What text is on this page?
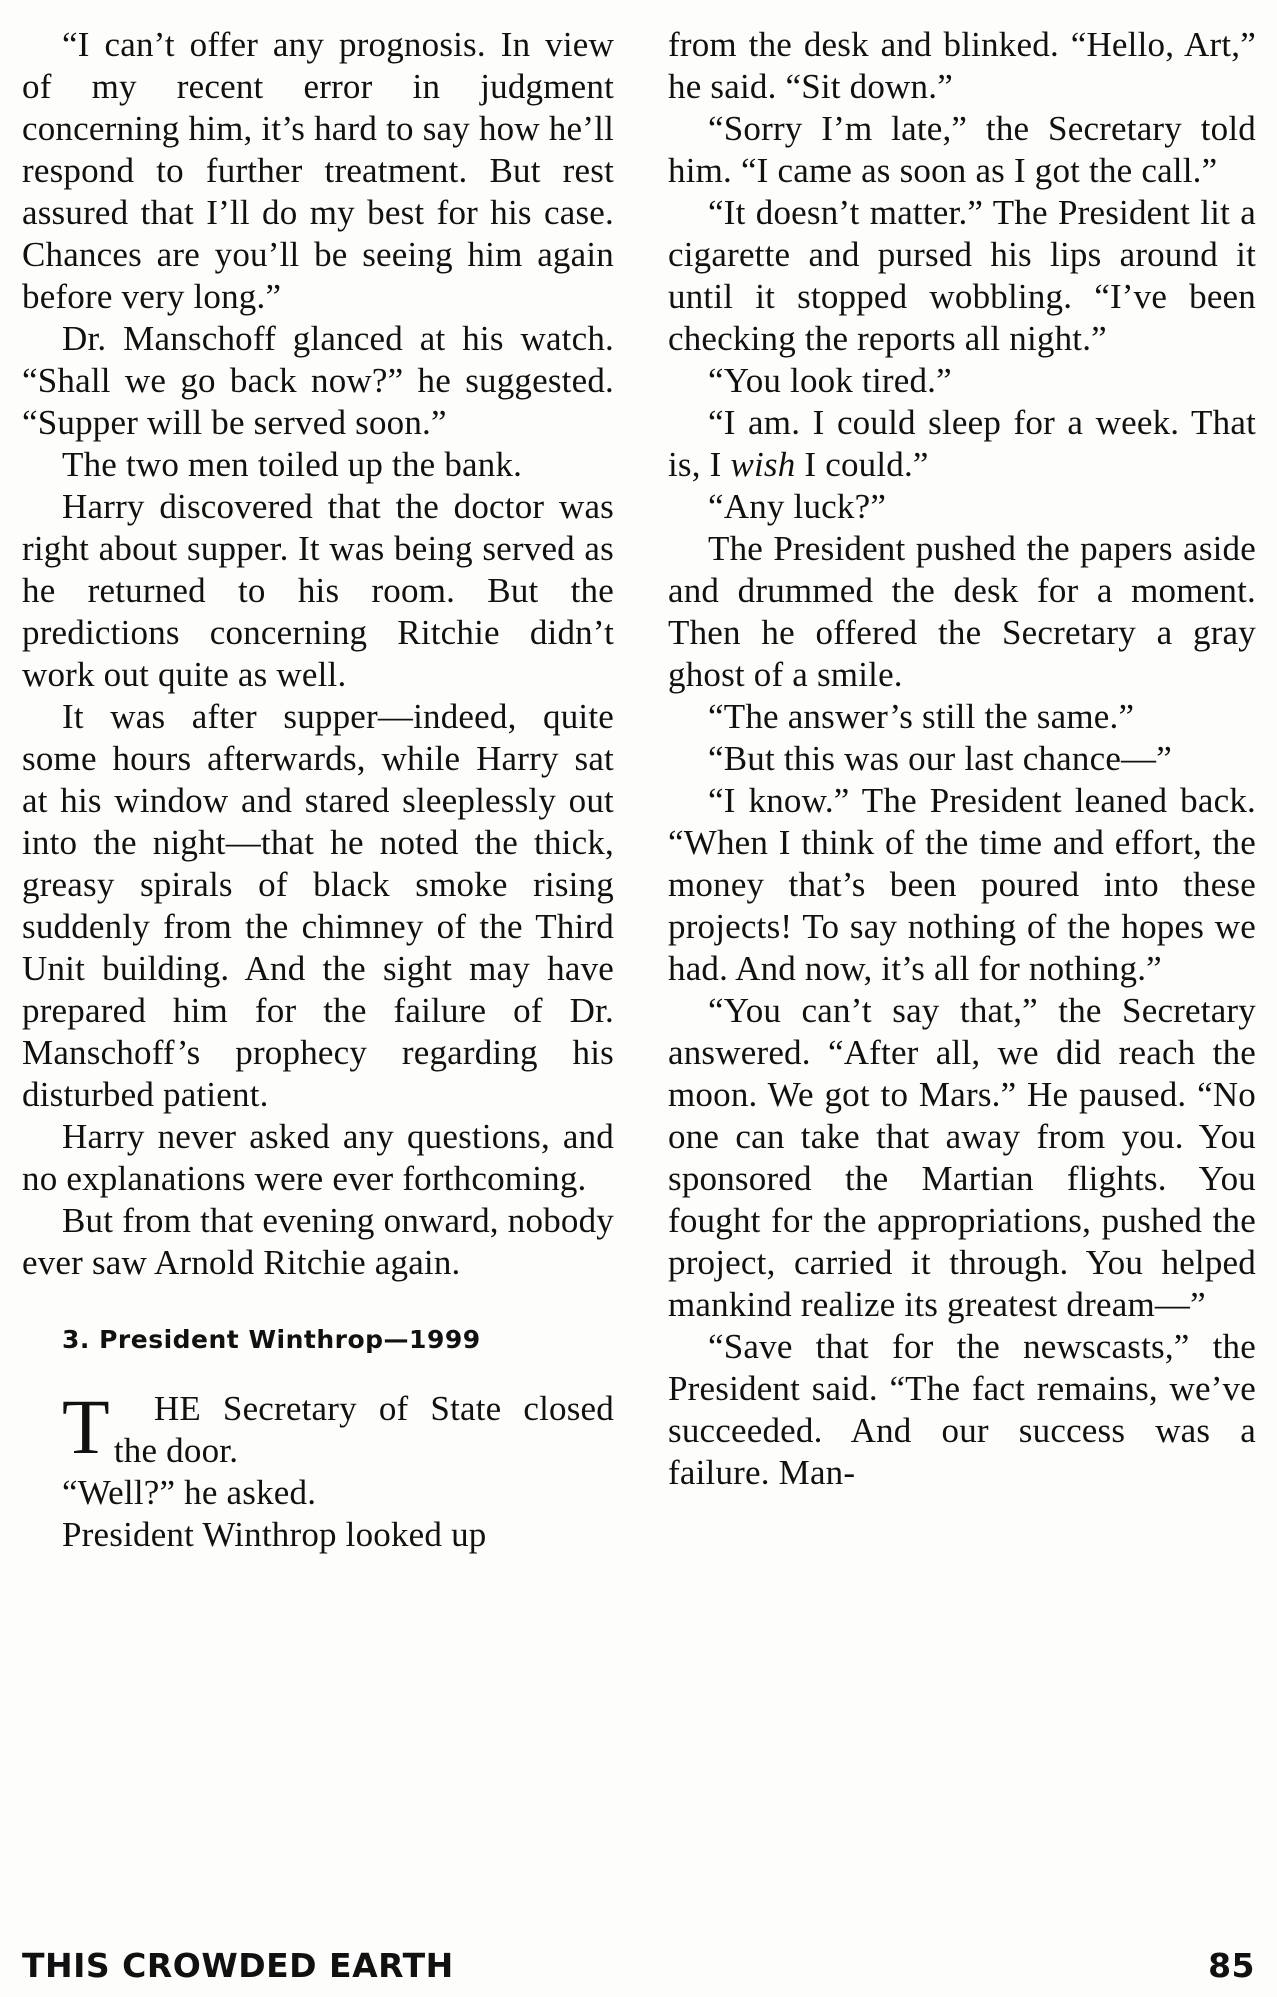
“I can’t offer any prognosis. In view of my recent error in judgment concerning him, it’s hard to say how he’ll respond to further treatment. But rest assured that I’ll do my best for his case. Chances are you’ll be seeing him again before very long.”

Dr. Manschoff glanced at his watch. “Shall we go back now?” he suggested. “Supper will be served soon.”

The two men toiled up the bank.

Harry discovered that the doctor was right about supper. It was being served as he returned to his room. But the predictions concerning Ritchie didn’t work out quite as well.

It was after supper—indeed, quite some hours afterwards, while Harry sat at his window and stared sleeplessly out into the night—that he noted the thick, greasy spirals of black smoke rising suddenly from the chimney of the Third Unit building. And the sight may have prepared him for the failure of Dr. Manschoff’s prophecy regarding his disturbed patient.

Harry never asked any questions, and no explanations were ever forthcoming.

But from that evening onward, nobody ever saw Arnold Ritchie again.

3. President Winthrop—1999

T HE Secretary of State closed the door.

“Well?” he asked.

President Winthrop looked up

from the desk and blinked. “Hello, Art,” he said. “Sit down.”

“Sorry I’m late,” the Secretary told him. “I came as soon as I got the call.”

“It doesn’t matter.” The President lit a cigarette and pursed his lips around it until it stopped wobbling. “I’ve been checking the reports all night.”

“You look tired.”

“I am. I could sleep for a week. That is, I wish I could.”

“Any luck?”

The President pushed the papers aside and drummed the desk for a moment. Then he offered the Secretary a gray ghost of a smile.

“The answer’s still the same.”

“But this was our last chance—”

“I know.” The President leaned back. “When I think of the time and effort, the money that’s been poured into these projects! To say nothing of the hopes we had. And now, it’s all for nothing.”

“You can’t say that,” the Secretary answered. “After all, we did reach the moon. We got to Mars.” He paused. “No one can take that away from you. You sponsored the Martian flights. You fought for the appropriations, pushed the project, carried it through. You helped mankind realize its greatest dream—”

“Save that for the newscasts,” the President said. “The fact remains, we’ve succeeded. And our success was a failure. Man-

THIS CROWDED EARTH	85
